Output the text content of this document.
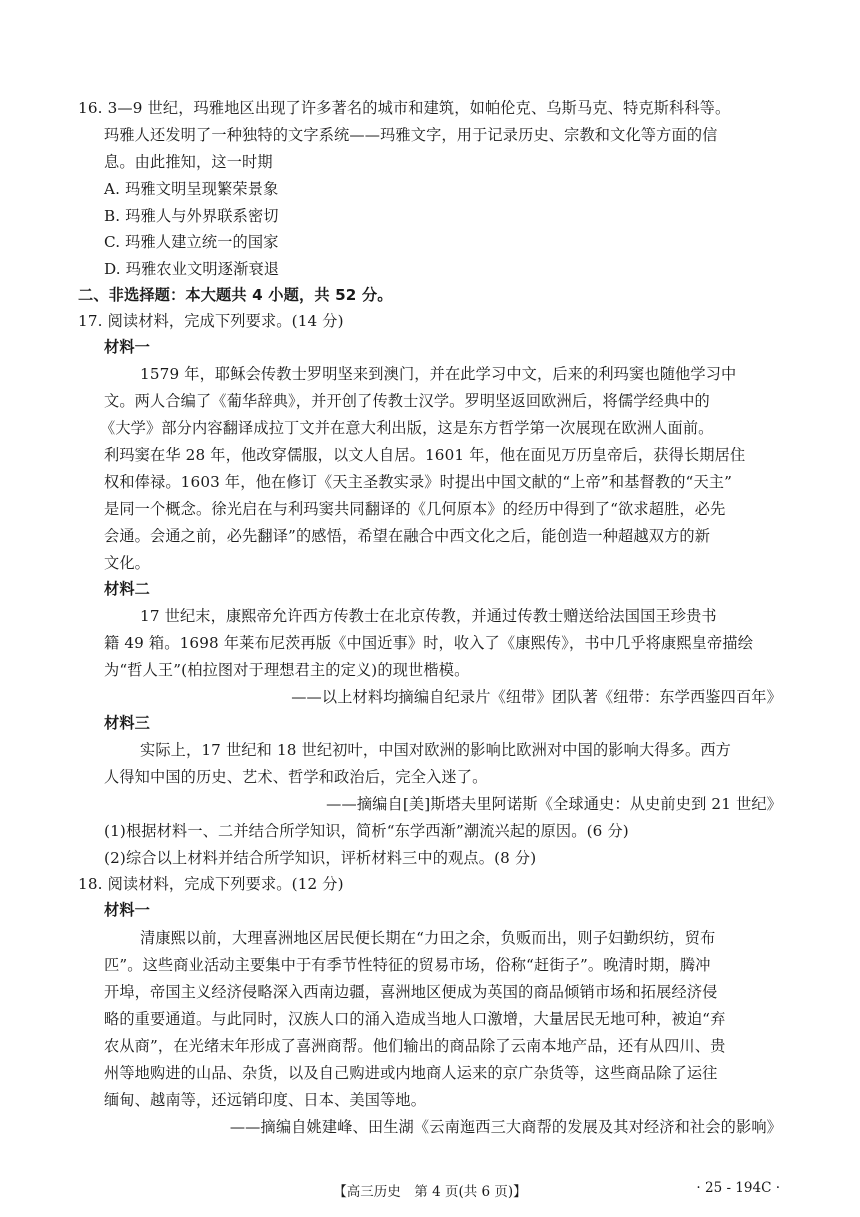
16. 3—9 世纪，玛雅地区出现了许多著名的城市和建筑，如帕伦克、乌斯马克、特克斯科科等。
玛雅人还发明了一种独特的文字系统——玛雅文字，用于记录历史、宗教和文化等方面的信
息。由此推知，这一时期
A. 玛雅文明呈现繁荣景象
B. 玛雅人与外界联系密切
C. 玛雅人建立统一的国家
D. 玛雅农业文明逐渐衰退
二、非选择题：本大题共 4 小题，共 52 分。
17. 阅读材料，完成下列要求。(14 分)
材料一
1579 年，耶稣会传教士罗明坚来到澳门，并在此学习中文，后来的利玛窦也随他学习中
文。两人合编了《葡华辞典》，并开创了传教士汉学。罗明坚返回欧洲后，将儒学经典中的
《大学》部分内容翻译成拉丁文并在意大利出版，这是东方哲学第一次展现在欧洲人面前。
利玛窦在华 28 年，他改穿儒服，以文人自居。1601 年，他在面见万历皇帝后，获得长期居住
权和俸禄。1603 年，他在修订《天主圣教实录》时提出中国文献的“上帝”和基督教的“天主”
是同一个概念。徐光启在与利玛窦共同翻译的《几何原本》的经历中得到了“欲求超胜，必先
会通。会通之前，必先翻译”的感悟，希望在融合中西文化之后，能创造一种超越双方的新
文化。
材料二
17 世纪末，康熙帝允许西方传教士在北京传教，并通过传教士赠送给法国国王珍贵书
籍 49 箱。1698 年莱布尼茨再版《中国近事》时，收入了《康熙传》，书中几乎将康熙皇帝描绘
为“哲人王”(柏拉图对于理想君主的定义)的现世楷模。
——以上材料均摘编自纪录片《纽带》团队著《纽带：东学西鉴四百年》
材料三
实际上，17 世纪和 18 世纪初叶，中国对欧洲的影响比欧洲对中国的影响大得多。西方
人得知中国的历史、艺术、哲学和政治后，完全入迷了。
——摘编自[美]斯塔夫里阿诺斯《全球通史：从史前史到 21 世纪》
(1)根据材料一、二并结合所学知识，简析“东学西渐”潮流兴起的原因。(6 分)
(2)综合以上材料并结合所学知识，评析材料三中的观点。(8 分)
18. 阅读材料，完成下列要求。(12 分)
材料一
清康熙以前，大理喜洲地区居民便长期在“力田之余，负贩而出，则子妇勤织纺，贸布
匹”。这些商业活动主要集中于有季节性特征的贸易市场，俗称“赶街子”。晚清时期，腾冲
开埠，帝国主义经济侵略深入西南边疆，喜洲地区便成为英国的商品倾销市场和拓展经济侵
略的重要通道。与此同时，汉族人口的涌入造成当地人口激增，大量居民无地可种，被迫“弃
农从商”，在光绪末年形成了喜洲商帮。他们输出的商品除了云南本地产品，还有从四川、贵
州等地购进的山品、杂货，以及自己购进或内地商人运来的京广杂货等，这些商品除了运往
缅甸、越南等，还远销印度、日本、美国等地。
——摘编自姚建峰、田生湖《云南迤西三大商帮的发展及其对经济和社会的影响》
【高三历史　第 4 页(共 6 页)】	· 25 - 194C ·
